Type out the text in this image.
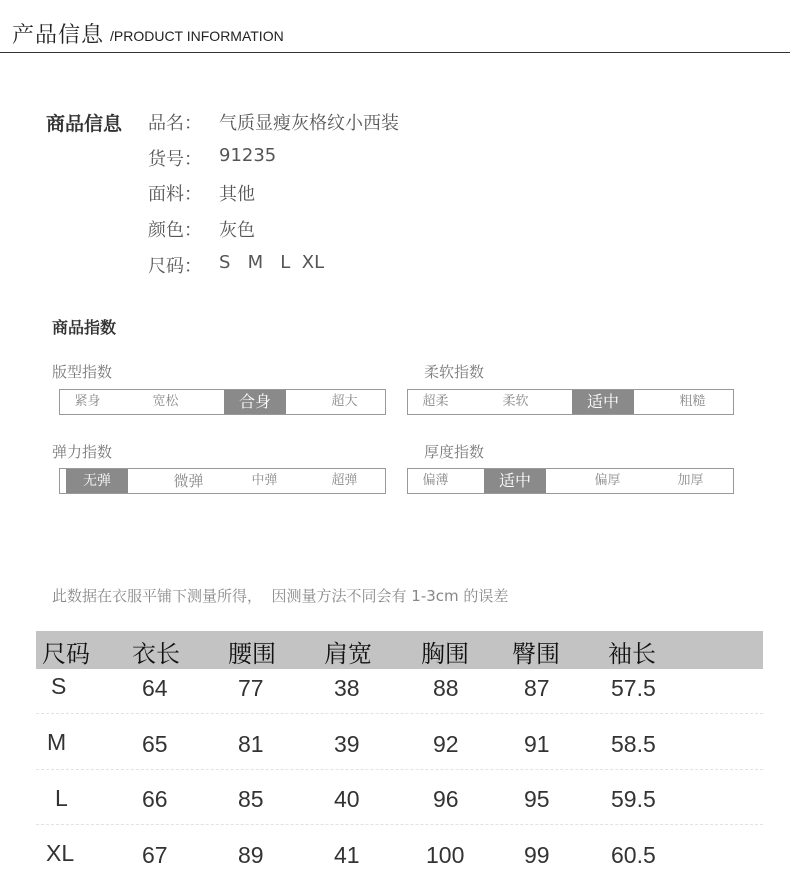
产品信息 /PRODUCT INFORMATION
商品信息 品名： 气质显瘦灰格纹小西装
货号： 91235
面料： 其他
颜色： 灰色
尺码： S   M   L  XL
商品指数
版型指数
紧身	宽松	合身	超大
柔软指数
超柔	柔软	适中	粗糙
弹力指数
无弹	微弹	中弹	超弹
厚度指数
偏薄	适中	偏厚	加厚
此数据在衣服平铺下测量所得，  因测量方法不同会有 1-3cm 的误差
尺码 衣长 腰围 肩宽 胸围 臀围 袖长
S	64	77	38	88	87	57.5
M	65	81	39	92	91	58.5
L	66	85	40	96	95	59.5
XL	67	89	41	100	99	60.5
